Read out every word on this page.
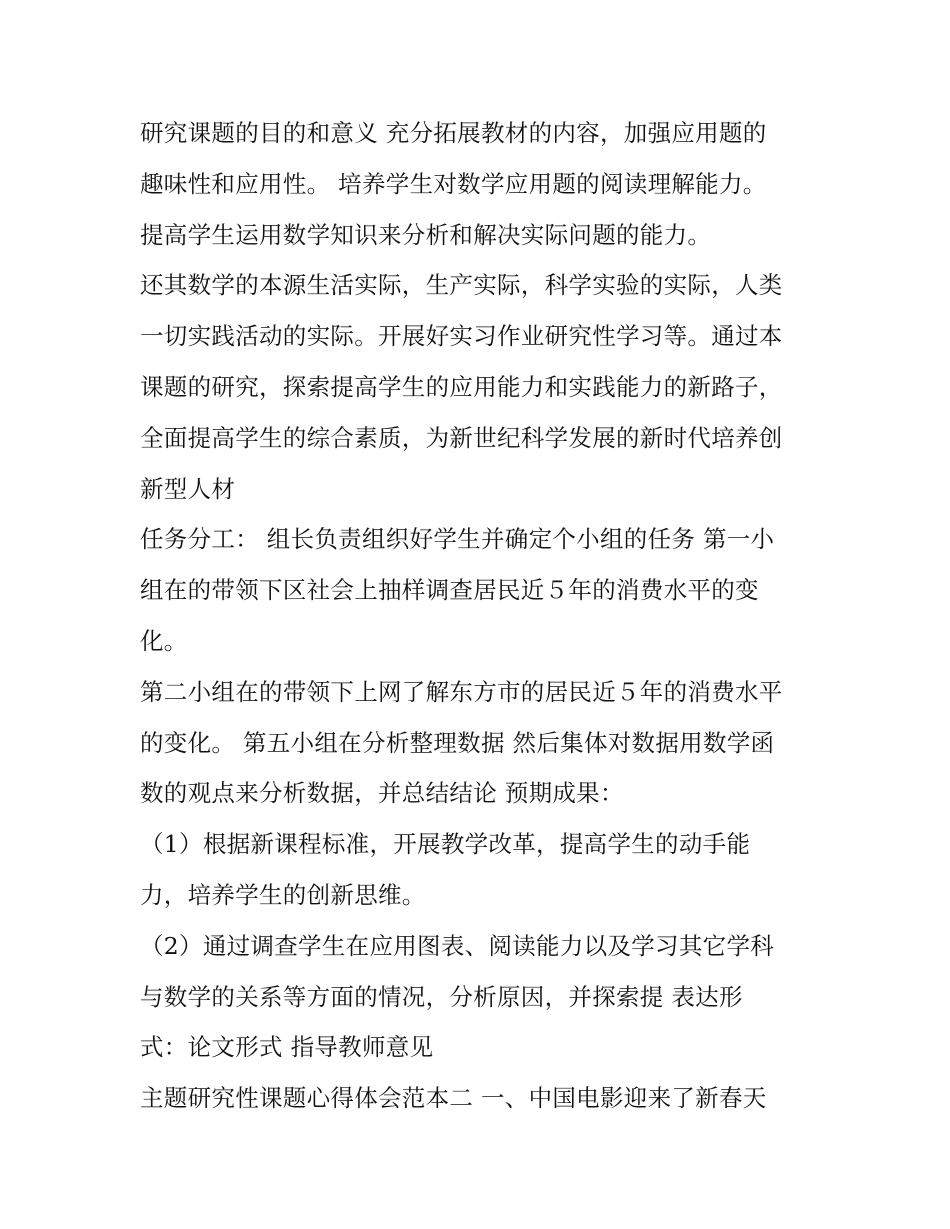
研究课题的目的和意义 充分拓展教材的内容，加强应用题的
趣味性和应用性。 培养学生对数学应用题的阅读理解能力。
提高学生运用数学知识来分析和解决实际问题的能力。
还其数学的本源生活实际，生产实际，科学实验的实际，人类
一切实践活动的实际。开展好实习作业研究性学习等。通过本
课题的研究，探索提高学生的应用能力和实践能力的新路子，
全面提高学生的综合素质，为新世纪科学发展的新时代培养创
新型人材
任务分工： 组长负责组织好学生并确定个小组的任务 第一小
组在的带领下区社会上抽样调查居民近５年的消费水平的变
化。
第二小组在的带领下上网了解东方市的居民近５年的消费水平
的变化。 第五小组在分析整理数据 然后集体对数据用数学函
数的观点来分析数据，并总结结论 预期成果：
（1）根据新课程标准，开展教学改革，提高学生的动手能
力，培养学生的创新思维。
（2）通过调查学生在应用图表、阅读能力以及学习其它学科
与数学的关系等方面的情况，分析原因，并探索提 表达形
式：论文形式 指导教师意见
主题研究性课题心得体会范本二 一、中国电影迎来了新春天
